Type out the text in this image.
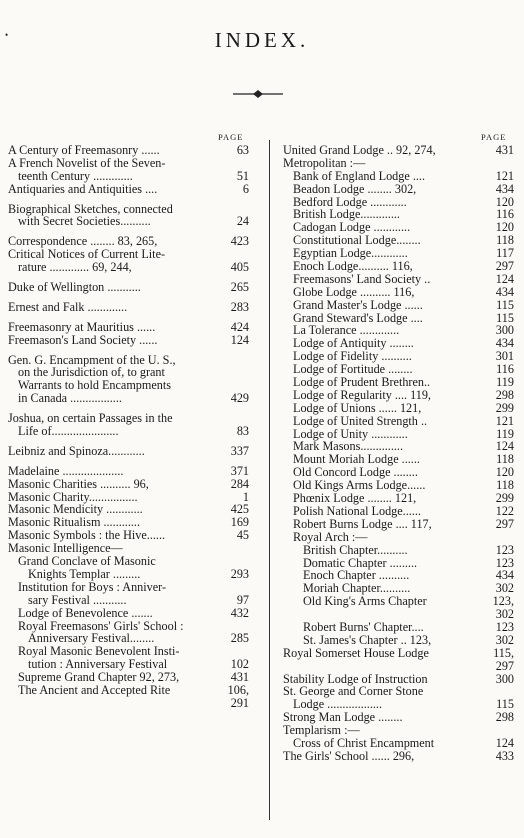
•	INDEX.
PAGE	PAGE
A Century of Freemasonry ......	63
A French Novelist of the Seven-
teenth Century .............	51
Antiquaries and Antiquities ....	6
Biographical Sketches, connected
with Secret Societies..........	24
Correspondence ........ 83, 265,	423
Critical Notices of Current Lite-
rature ............. 69, 244,	405
Duke of Wellington ...........	265
Ernest and Falk .............	283
Freemasonry at Mauritius ......	424
Freemason's Land Society ......	124
Gen. G. Encampment of the U. S.,
on the Jurisdiction of, to grant
Warrants to hold Encampments
in Canada .................	429
Joshua, on certain Passages in the
Life of......................	83
Leibniz and Spinoza............	337
Madelaine ....................	371
Masonic Charities .......... 96,	284
Masonic Charity................	1
Masonic Mendicity ............	425
Masonic Ritualism ............	169
Masonic Symbols : the Hive......	45
Masonic Intelligence—
Grand Conclave of Masonic
Knights Templar .........	293
Institution for Boys : Anniver-
sary Festival ...........	97
Lodge of Benevolence .......	432
Royal Freemasons' Girls' School :
Anniversary Festival........	285
Royal Masonic Benevolent Insti-
tution : Anniversary Festival	102
Supreme Grand Chapter 92, 273,	431
The Ancient and Accepted Rite	106,
291
United Grand Lodge .. 92, 274,	431
Metropolitan :—
Bank of England Lodge ....	121
Beadon Lodge ........ 302,	434
Bedford Lodge ............	120
British Lodge.............	116
Cadogan Lodge ............	120
Constitutional Lodge........	118
Egyptian Lodge............	117
Enoch Lodge.......... 116,	297
Freemasons' Land Society ..	124
Globe Lodge .......... 116,	434
Grand Master's Lodge ......	115
Grand Steward's Lodge ....	115
La Tolerance .............	300
Lodge of Antiquity ........	434
Lodge of Fidelity ..........	301
Lodge of Fortitude ........	116
Lodge of Prudent Brethren..	119
Lodge of Regularity .... 119,	298
Lodge of Unions ...... 121,	299
Lodge of United Strength ..	121
Lodge of Unity ............	119
Mark Masons..............	124
Mount Moriah Lodge ......	118
Old Concord Lodge ........	120
Old Kings Arms Lodge......	118
Phœnix Lodge ........ 121,	299
Polish National Lodge......	122
Robert Burns Lodge .... 117,	297
Royal Arch :—
British Chapter..........	123
Domatic Chapter .........	123
Enoch Chapter ..........	434
Moriah Chapter..........	302
Old King's Arms Chapter	123,
302
Robert Burns' Chapter....	123
St. James's Chapter .. 123,	302
Royal Somerset House Lodge	115,
297
Stability Lodge of Instruction	300
St. George and Corner Stone
Lodge ..................	115
Strong Man Lodge ........	298
Templarism :—
Cross of Christ Encampment	124
The Girls' School ...... 296,	433
